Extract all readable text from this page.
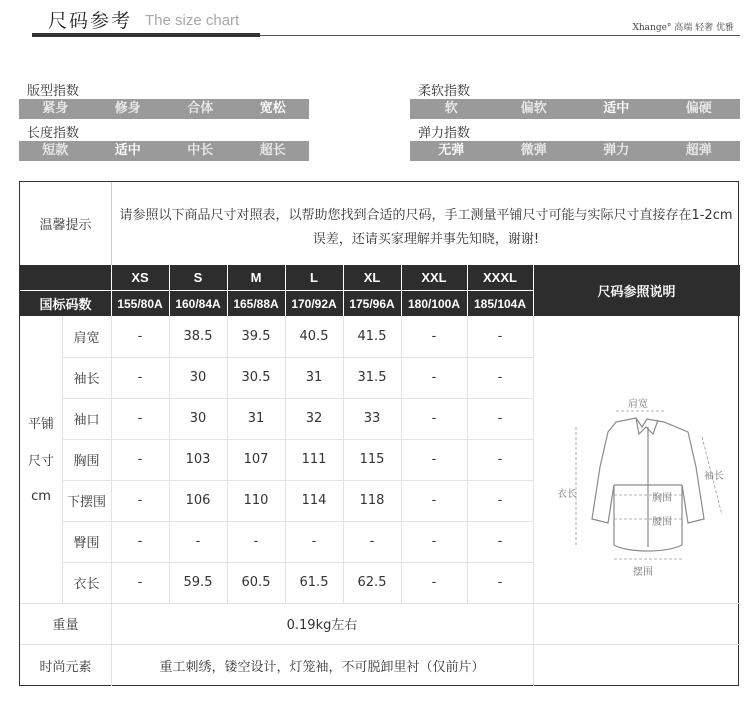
尺码参考 The size chart	Xhange° 高端 轻奢 优雅
版型指数
紧身	修身	合体	宽松
长度指数
短款	适中	中长	超长
柔软指数
软	偏软	适中	偏硬
弹力指数
无弹	微弹	弹力	超弹
温馨提示
请参照以下商品尺寸对照表，以帮助您找到合适的尺码，手工测量平铺尺寸可能与实际尺寸直接存在1-2cm误差，还请买家理解并事先知晓，谢谢!
XS	S	M	L	XL	XXL	XXXL
国标码数	155/80A	160/84A	165/88A	170/92A	175/96A	180/100A	185/104A
尺码参照说明
平铺
尺寸
cm
肩宽	-	38.5	39.5	40.5	41.5	-	-
袖长	-	30	30.5	31	31.5	-	-
袖口	-	30	31	32	33	-	-
胸围	-	103	107	111	115	-	-
下摆围	-	106	110	114	118	-	-
臀围	-	-	-	-	-	-	-
衣长	-	59.5	60.5	61.5	62.5	-	-
重量	0.19kg左右
时尚元素	重工刺绣，镂空设计，灯笼袖，不可脱卸里衬（仅前片）
肩宽
袖长
胸围
腰围
衣长
摆围
